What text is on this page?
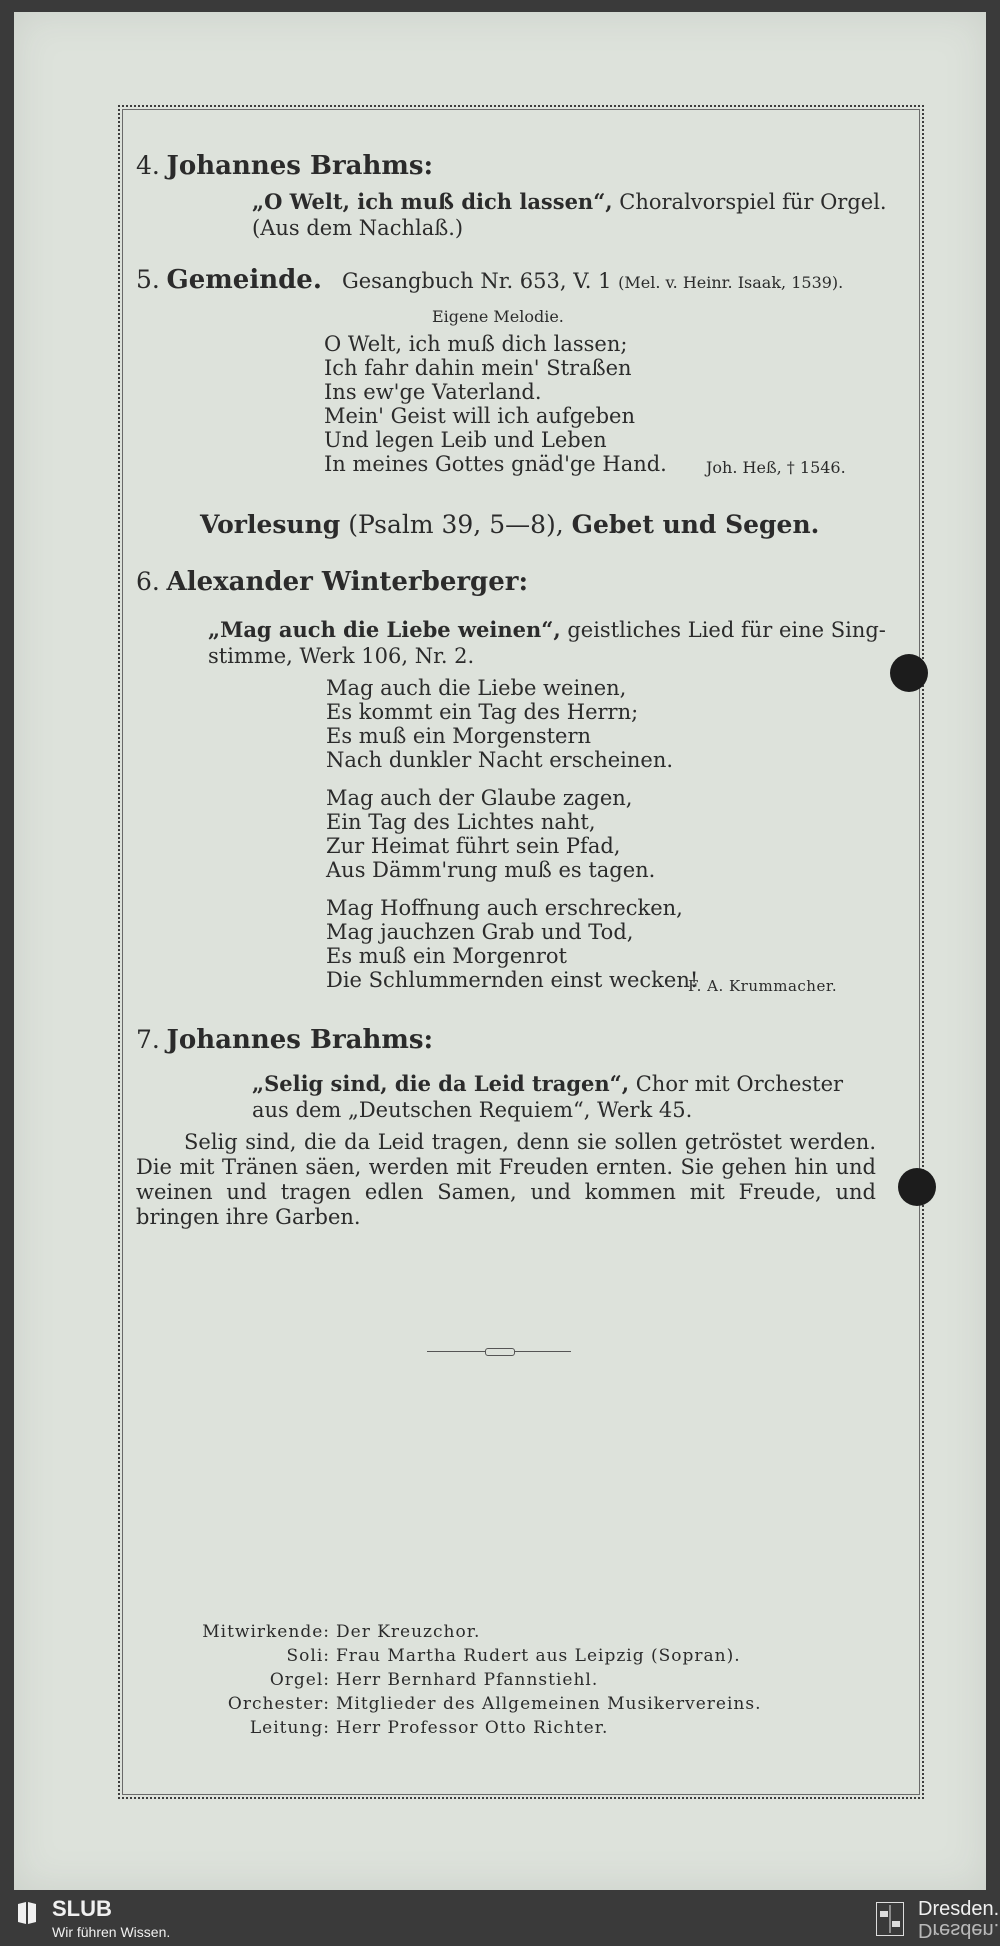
4. Johannes Brahms:
„O Welt, ich muß dich lassen“, Choralvorspiel für Orgel.
(Aus dem Nachlaß.)
5. Gemeinde. Gesangbuch Nr. 653, V. 1 (Mel. v. Heinr. Isaak, 1539).
Eigene Melodie.
O Welt, ich muß dich lassen;
Ich fahr dahin mein' Straßen
Ins ew'ge Vaterland.
Mein' Geist will ich aufgeben
Und legen Leib und Leben
In meines Gottes gnäd'ge Hand. Joh. Heß, † 1546.
Vorlesung (Psalm 39, 5—8), Gebet und Segen.
6. Alexander Winterberger:
„Mag auch die Liebe weinen“, geistliches Lied für eine Sing-
stimme, Werk 106, Nr. 2.
Mag auch die Liebe weinen,
Es kommt ein Tag des Herrn;
Es muß ein Morgenstern
Nach dunkler Nacht erscheinen.
Mag auch der Glaube zagen,
Ein Tag des Lichtes naht,
Zur Heimat führt sein Pfad,
Aus Dämm'rung muß es tagen.
Mag Hoffnung auch erschrecken,
Mag jauchzen Grab und Tod,
Es muß ein Morgenrot
Die Schlummernden einst wecken!
F. A. Krummacher.
7. Johannes Brahms:
„Selig sind, die da Leid tragen“, Chor mit Orchester
aus dem „Deutschen Requiem“, Werk 45.
Selig sind, die da Leid tragen, denn sie sollen getröstet werden. Die mit Tränen säen, werden mit Freuden ernten. Sie gehen hin und weinen und tragen edlen Samen, und kommen mit Freude, und bringen ihre Garben.
Mitwirkende: Der Kreuzchor.
Soli: Frau Martha Rudert aus Leipzig (Sopran).
Orgel: Herr Bernhard Pfannstiehl.
Orchester: Mitglieder des Allgemeinen Musikervereins.
Leitung: Herr Professor Otto Richter.
SLUB
Wir führen Wissen.
Dresden.
Dresden.
